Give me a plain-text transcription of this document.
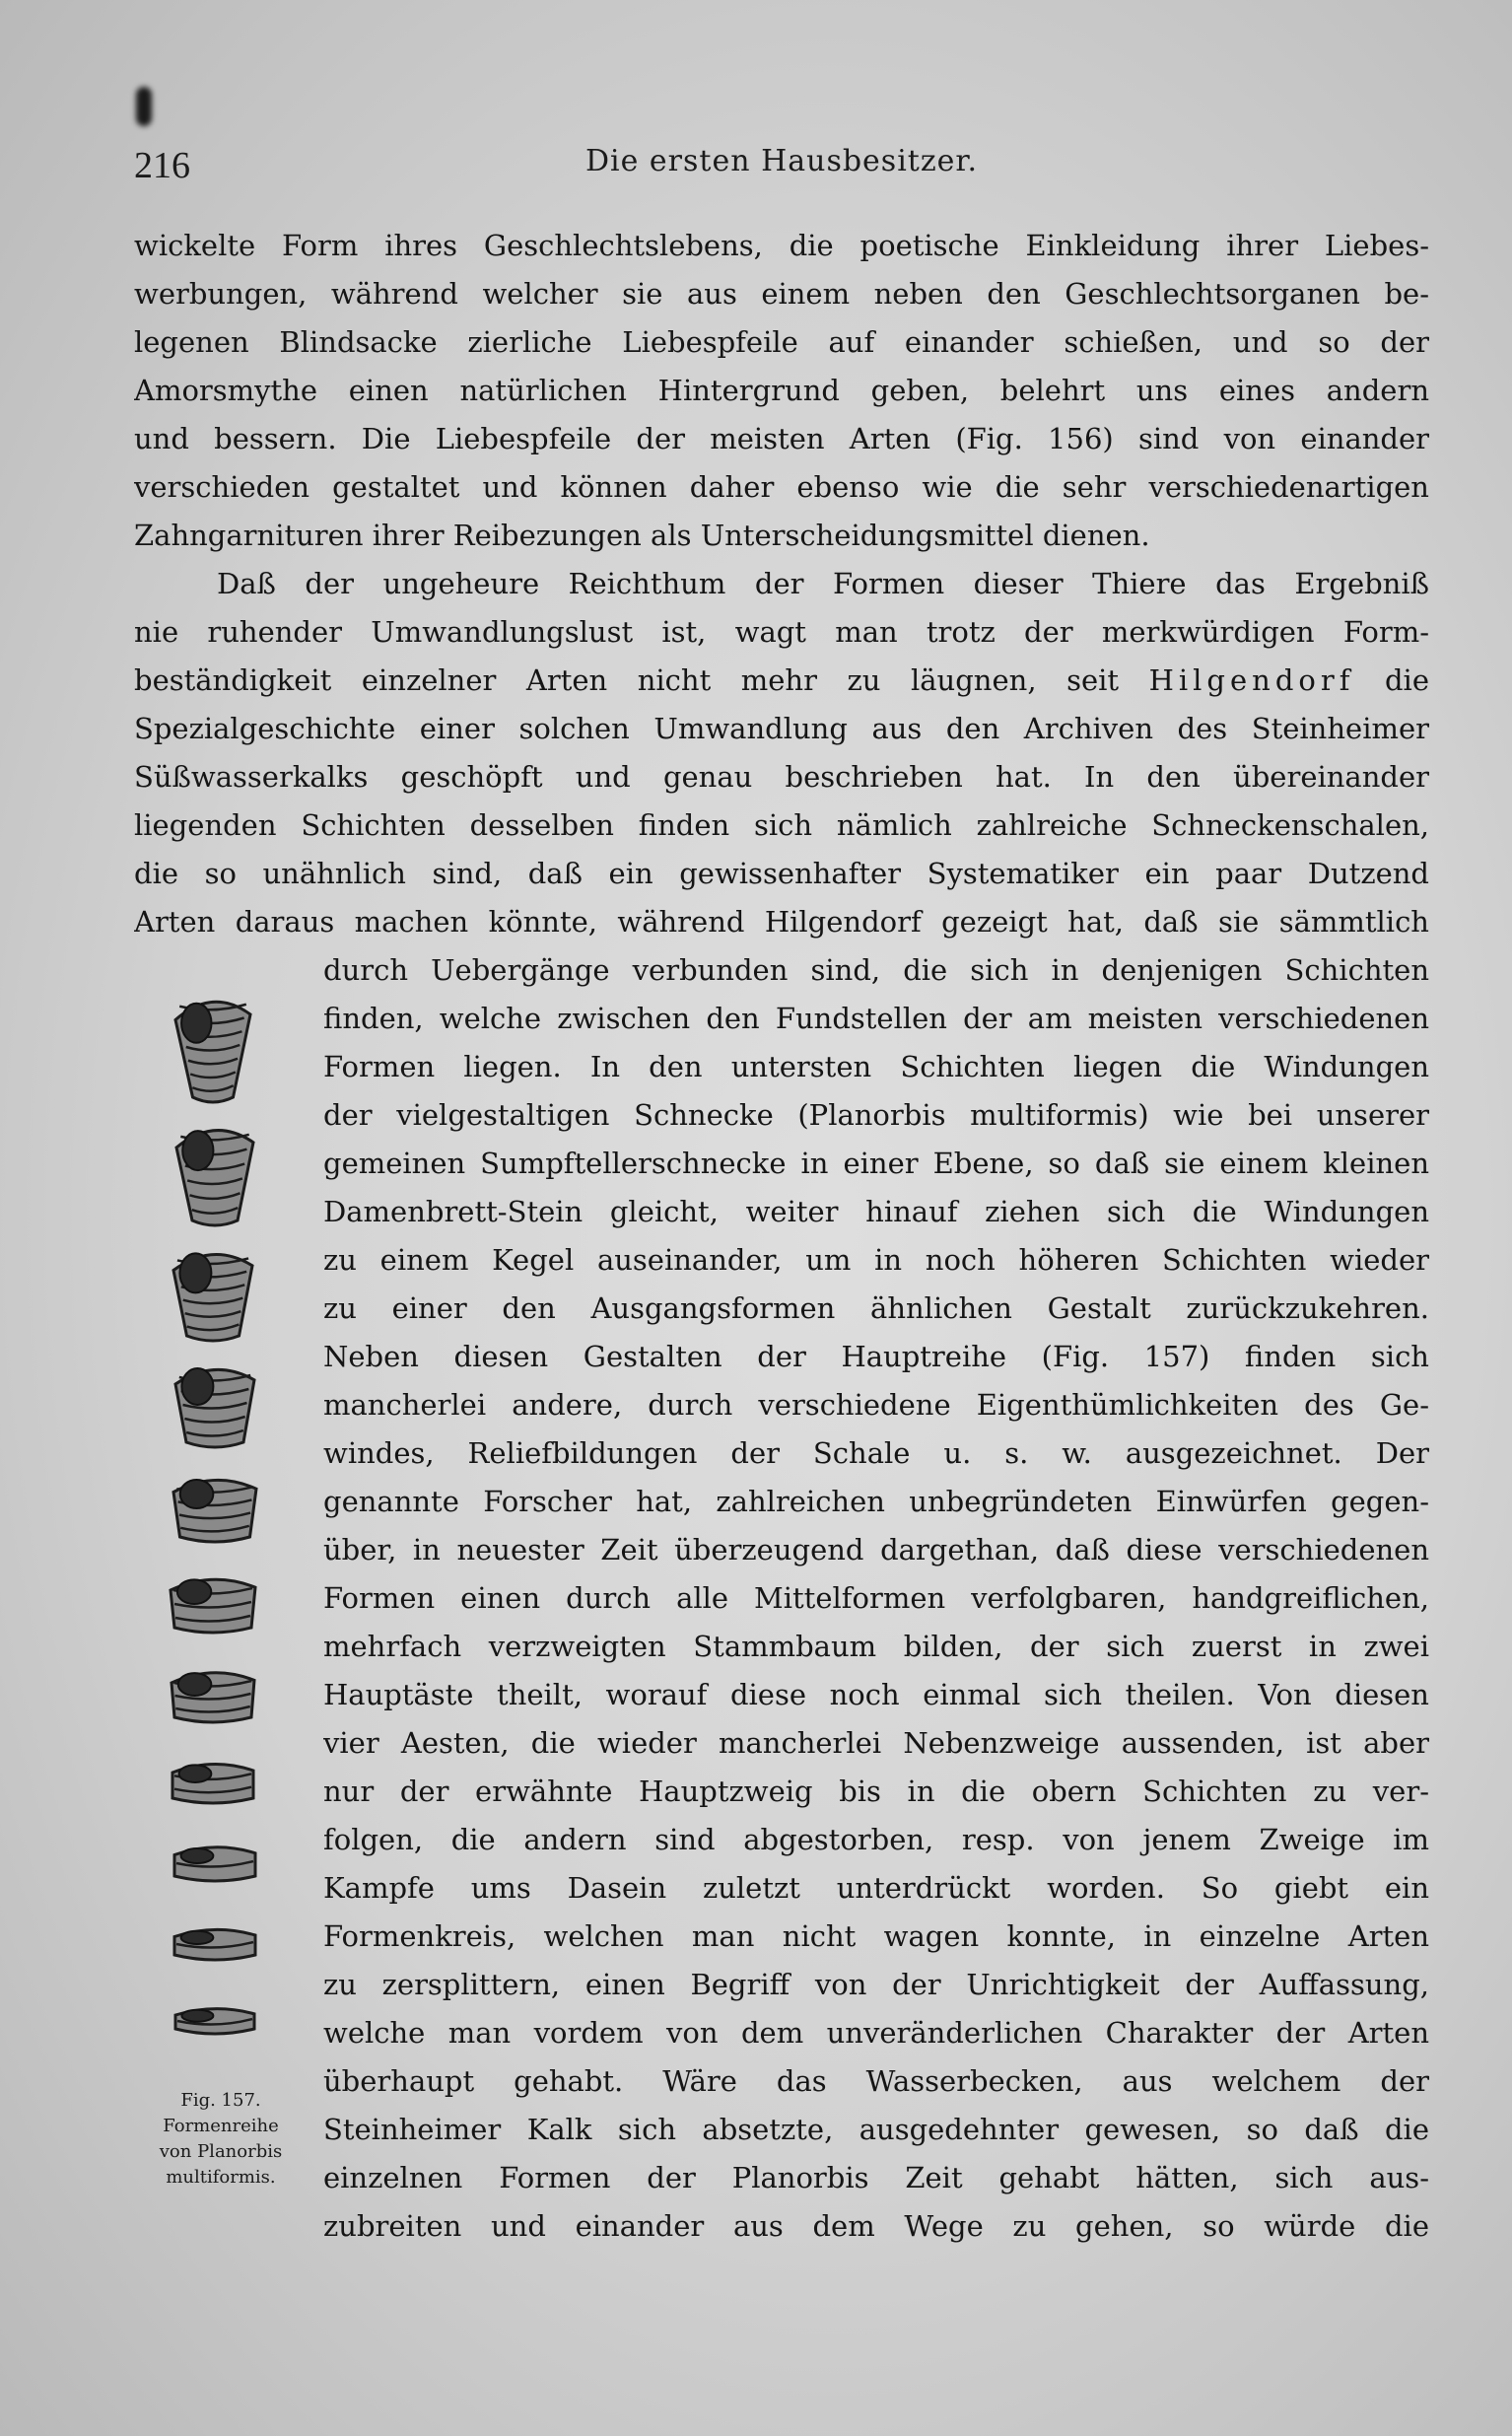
216	Die ersten Hausbesitzer.
wickelte Form ihres Geschlechtslebens, die poetische Einkleidung ihrer Liebes-
werbungen, während welcher sie aus einem neben den Geschlechtsorganen be-
legenen Blindsacke zierliche Liebespfeile auf einander schießen, und so der
Amorsmythe einen natürlichen Hintergrund geben, belehrt uns eines andern
und bessern. Die Liebespfeile der meisten Arten (Fig. 156) sind von einander
verschieden gestaltet und können daher ebenso wie die sehr verschiedenartigen
Zahngarnituren ihrer Reibezungen als Unterscheidungsmittel dienen.
Daß der ungeheure Reichthum der Formen dieser Thiere das Ergebniß
nie ruhender Umwandlungslust ist, wagt man trotz der merkwürdigen Form-
beständigkeit einzelner Arten nicht mehr zu läugnen, seit Hilgendorf die
Spezialgeschichte einer solchen Umwandlung aus den Archiven des Steinheimer
Süßwasserkalks geschöpft und genau beschrieben hat. In den übereinander
liegenden Schichten desselben finden sich nämlich zahlreiche Schneckenschalen,
die so unähnlich sind, daß ein gewissenhafter Systematiker ein paar Dutzend
Arten daraus machen könnte, während Hilgendorf gezeigt hat, daß sie sämmtlich
durch Uebergänge verbunden sind, die sich in denjenigen Schichten
finden, welche zwischen den Fundstellen der am meisten verschiedenen
Formen liegen. In den untersten Schichten liegen die Windungen
der vielgestaltigen Schnecke (Planorbis multiformis) wie bei unserer
gemeinen Sumpftellerschnecke in einer Ebene, so daß sie einem kleinen
Damenbrett-Stein gleicht, weiter hinauf ziehen sich die Windungen
zu einem Kegel auseinander, um in noch höheren Schichten wieder
zu einer den Ausgangsformen ähnlichen Gestalt zurückzukehren.
Neben diesen Gestalten der Hauptreihe (Fig. 157) finden sich
mancherlei andere, durch verschiedene Eigenthümlichkeiten des Ge-
windes, Reliefbildungen der Schale u. s. w. ausgezeichnet. Der
genannte Forscher hat, zahlreichen unbegründeten Einwürfen gegen-
über, in neuester Zeit überzeugend dargethan, daß diese verschiedenen
Formen einen durch alle Mittelformen verfolgbaren, handgreiflichen,
mehrfach verzweigten Stammbaum bilden, der sich zuerst in zwei
Hauptäste theilt, worauf diese noch einmal sich theilen. Von diesen
vier Aesten, die wieder mancherlei Nebenzweige aussenden, ist aber
nur der erwähnte Hauptzweig bis in die obern Schichten zu ver-
folgen, die andern sind abgestorben, resp. von jenem Zweige im
Kampfe ums Dasein zuletzt unterdrückt worden. So giebt ein
Formenkreis, welchen man nicht wagen konnte, in einzelne Arten
zu zersplittern, einen Begriff von der Unrichtigkeit der Auffassung,
welche man vordem von dem unveränderlichen Charakter der Arten
überhaupt gehabt. Wäre das Wasserbecken, aus welchem der
Steinheimer Kalk sich absetzte, ausgedehnter gewesen, so daß die
einzelnen Formen der Planorbis Zeit gehabt hätten, sich aus-
zubreiten und einander aus dem Wege zu gehen, so würde die
Fig. 157.
Formenreihe
von Planorbis
multiformis.
